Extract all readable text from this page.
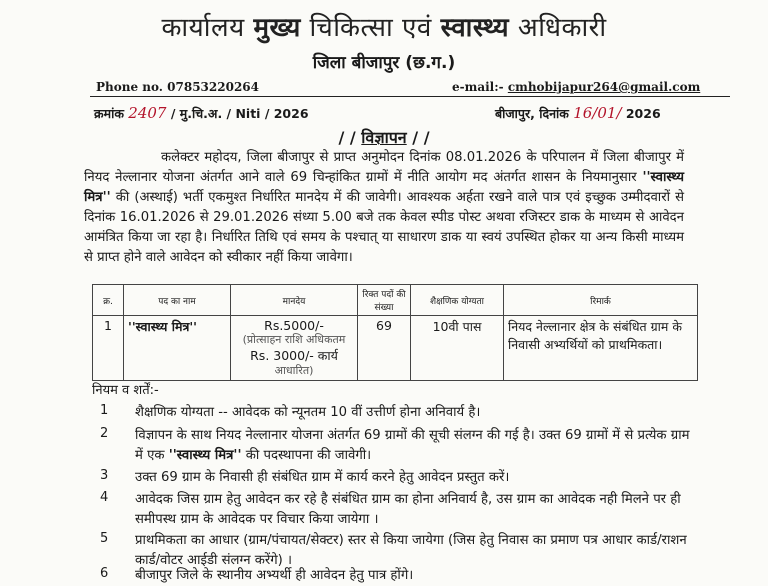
कार्यालय मुख्य चिकित्सा एवं स्वास्थ्य अधिकारी
जिला बीजापुर (छ.ग.)
Phone no. 07853220264	e-mail:- cmhobijapur264@gmail.com
क्रमांक 2407 / मु.चि.अ. / Niti / 2026	बीजापुर, दिनांक 16/01/ 2026
/ / विज्ञापन / /
कलेक्टर महोदय, जिला बीजापुर से प्राप्त अनुमोदन दिनांक 08.01.2026 के परिपालन में जिला बीजापुर में नियद नेल्लानार योजना अंतर्गत आने वाले 69 चिन्हांकित ग्रामों में नीति आयोग मद अंतर्गत शासन के नियमानुसार ''स्वास्थ्य मित्र'' की (अस्थाई) भर्ती एकमुश्त निर्धारित मानदेय में की जावेगी। आवश्यक अर्हता रखने वाले पात्र एवं इच्छुक उम्मीदवारों से दिनांक 16.01.2026 से 29.01.2026 संध्या 5.00 बजे तक केवल स्पीड पोस्ट अथवा रजिस्टर डाक के माध्यम से आवेदन आमंत्रित किया जा रहा है। निर्धारित तिथि एवं समय के पश्चात् या साधारण डाक या स्वयं उपस्थित होकर या अन्य किसी माध्यम से प्राप्त होने वाले आवेदन को स्वीकार नहीं किया जावेगा।
क्र.	पद का नाम	मानदेय	रिक्त पदों की संख्या	शैक्षणिक योग्यता	रिमार्क
1	''स्वास्थ्य मित्र''	Rs.5000/-
(प्रोत्साहन राशि अधिकतम
Rs. 3000/- कार्य
आधारित)	69	10वी पास	नियद नेल्लानार क्षेत्र के संबंधित ग्राम के निवासी अभ्यर्थियों को प्राथमिकता।
नियम व शर्तें:-
1 शैक्षणिक योग्यता -- आवेदक को न्यूनतम 10 वीं उत्तीर्ण होना अनिवार्य है।
2 विज्ञापन के साथ नियद नेल्लानार योजना अंतर्गत 69 ग्रामों की सूची संलग्न की गई है। उक्त 69 ग्रामों में से प्रत्येक ग्राम में एक ''स्वास्थ्य मित्र'' की पदस्थापना की जावेगी।
3 उक्त 69 ग्राम के निवासी ही संबंधित ग्राम में कार्य करने हेतु आवेदन प्रस्तुत करें।
4 आवेदक जिस ग्राम हेतु आवेदन कर रहे है संबंधित ग्राम का होना अनिवार्य है, उस ग्राम का आवेदक नही मिलने पर ही समीपस्थ ग्राम के आवेदक पर विचार किया जायेगा ।
5 प्राथमिकता का आधार (ग्राम/पंचायत/सेक्टर) स्तर से किया जायेगा (जिस हेतु निवास का प्रमाण पत्र आधार कार्ड/राशन कार्ड/वोटर आईडी संलग्न करेंगे) ।
6 बीजापुर जिले के स्थानीय अभ्यर्थी ही आवेदन हेतु पात्र होंगे।
